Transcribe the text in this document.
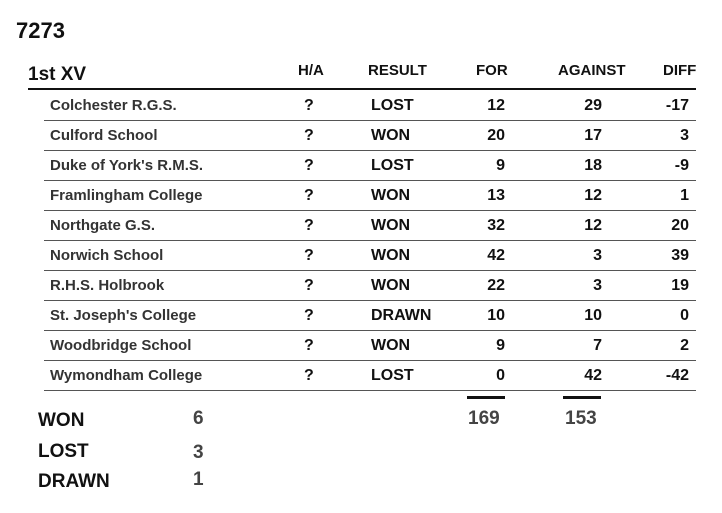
7273
1st XV	H/A	RESULT	FOR	AGAINST	DIFF
Colchester R.G.S.	?	LOST	12	29	-17
Culford School	?	WON	20	17	3
Duke of York's R.M.S.	?	LOST	9	18	-9
Framlingham College	?	WON	13	12	1
Northgate G.S.	?	WON	32	12	20
Norwich School	?	WON	42	3	39
R.H.S. Holbrook	?	WON	22	3	19
St. Joseph's College	?	DRAWN	10	10	0
Woodbridge School	?	WON	9	7	2
Wymondham College	?	LOST	0	42	-42
169	153
WON	6
LOST	3
DRAWN	1
